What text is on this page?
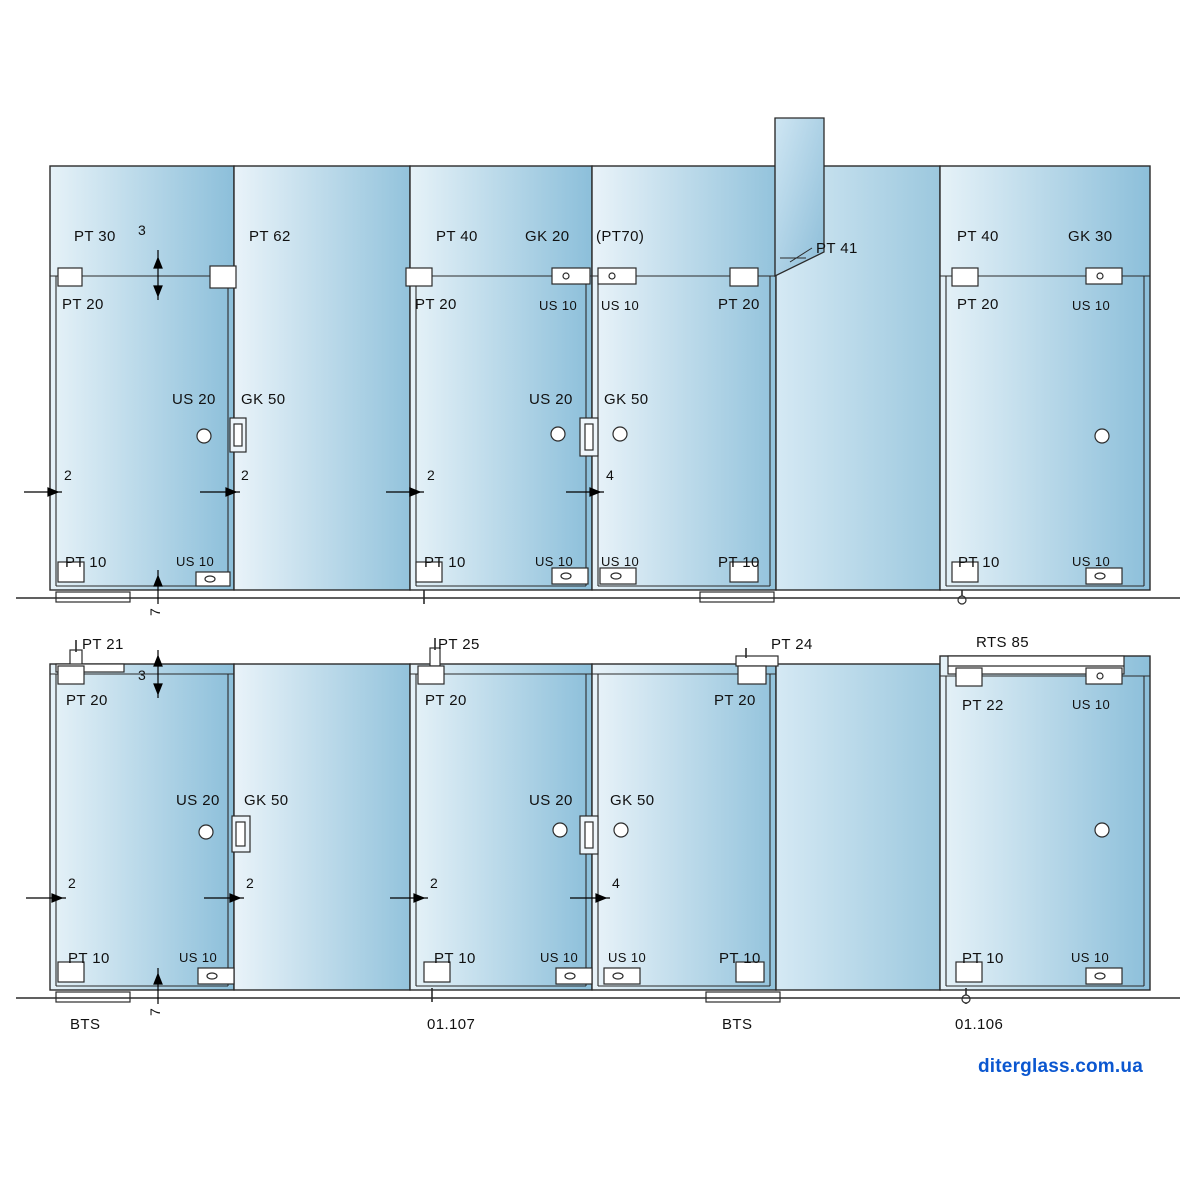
PT 30
PT 20
PT 62	PT 40
PT 20
GK 20 (PT70)
US 10 US 10	PT 20
PT 41
PT 40	GK 30
PT 20	US 10
US 20 GK 50	US 20 GK 50
PT 10	US 10	PT 10	US 10 US 10	PT 10	PT 10	US 10
3
2	2	2	4
7
PT 21
PT 20
PT 25
PT 20
PT 24
PT 20
RTS 85
PT 22	US 10
US 20 GK 50	US 20 GK 50
PT 10	US 10	PT 10	US 10 US 10	PT 10	PT 10	US 10
3
2	2	2	4
7
BTS	01.107	BTS	01.106
diterglass.com.ua
